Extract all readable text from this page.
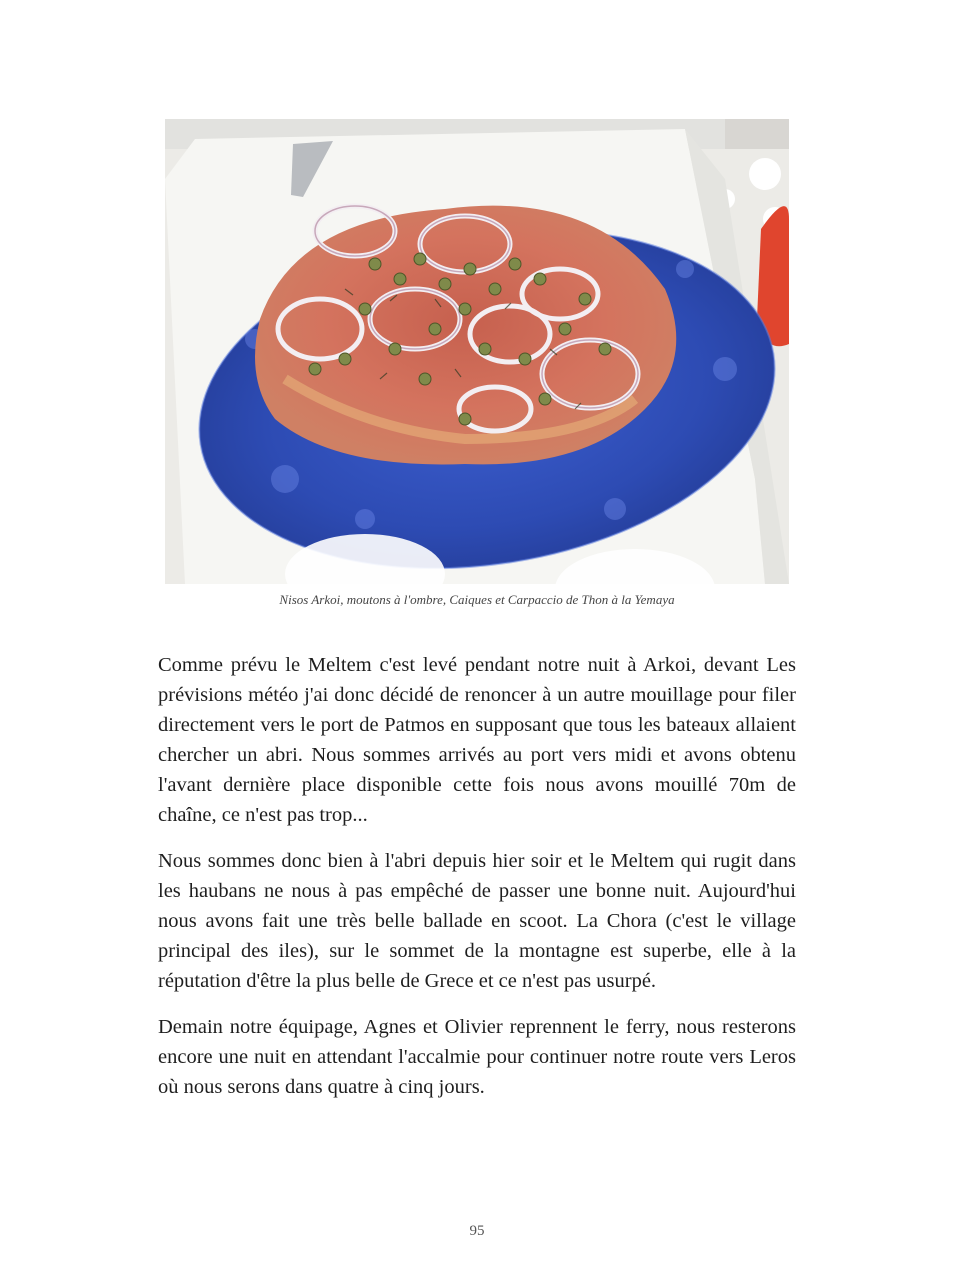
Nisos Arkoi, moutons à l'ombre, Caiques et Carpaccio de Thon à la Yemaya

Comme prévu le Meltem c'est levé pendant notre nuit à Arkoi, devant Les prévisions météo j'ai donc décidé de renoncer à un autre mouillage pour filer directement vers le port de Patmos en supposant que tous les bateaux allaient chercher un abri. Nous sommes arrivés au port vers midi et avons obtenu l'avant dernière place disponible cette fois nous avons mouillé 70m de chaîne, ce n'est pas trop...

Nous sommes donc bien à l'abri depuis hier soir et le Meltem qui rugit dans les haubans ne nous à pas empêché de passer une bonne nuit. Aujourd'hui nous avons fait une très belle ballade en scoot. La Chora (c'est le village principal des iles), sur le sommet de la montagne est superbe, elle à la réputation d'être la plus belle de Grece et ce n'est pas usurpé.

Demain notre équipage, Agnes et Olivier reprennent le ferry, nous resterons encore une nuit en attendant l'accalmie pour continuer notre route vers Leros où nous serons dans quatre à cinq jours.

95
